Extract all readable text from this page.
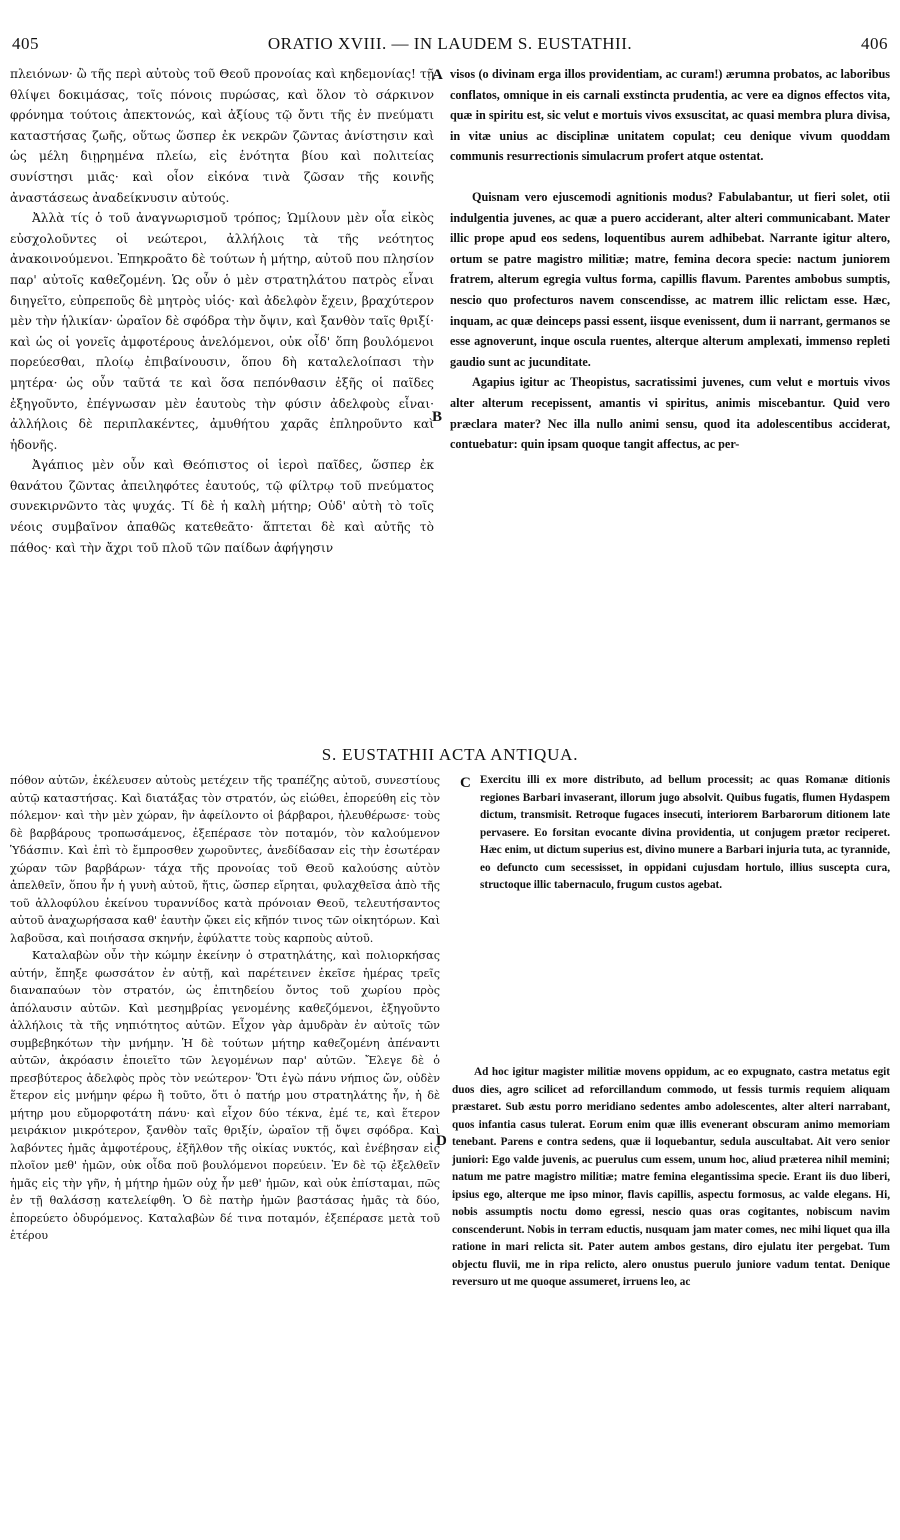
405	ORATIO XVIII. — IN LAUDEM S. EUSTATHII.	406

πλειόνων· ὢ τῆς περὶ αὐτοὺς τοῦ Θεοῦ προνοίας καὶ κηδεμονίας! τῇ θλίψει δοκιμάσας, τοῖς πόνοις πυρώσας, καὶ ὅλον τὸ σάρκινον φρόνημα τούτοις ἀπεκτονώς, καὶ ἀξίους τῷ ὄντι τῆς ἐν πνεύματι καταστήσας ζωῆς, οὕτως ὥσπερ ἐκ νεκρῶν ζῶντας ἀνίστησιν καὶ ὡς μέλη διῃρημένα πλείω, εἰς ἑνότητα βίου καὶ πολιτείας συνίστησι μιᾶς· καὶ οἷον εἰκόνα τινὰ ζῶσαν τῆς κοινῆς ἀναστάσεως ἀναδείκνυσιν αὐτούς.

Ἀλλὰ τίς ὁ τοῦ ἀναγνωρισμοῦ τρόπος; Ὡμίλουν μὲν οἷα εἰκὸς εὐσχολοῦντες οἱ νεώτεροι, ἀλλήλοις τὰ τῆς νεότητος ἀνακοινούμενοι. Ἐπηκροᾶτο δὲ τούτων ἡ μήτηρ, αὐτοῦ που πλησίον παρ' αὐτοῖς καθεζομένη. Ὡς οὖν ὁ μὲν στρατηλάτου πατρὸς εἶναι διηγεῖτο, εὐπρεποῦς δὲ μητρὸς υἱός· καὶ ἀδελφὸν ἔχειν, βραχύτερον μὲν τὴν ἡλικίαν· ὡραῖον δὲ σφόδρα τὴν ὄψιν, καὶ ξανθὸν ταῖς θριξί· καὶ ὡς οἱ γονεῖς ἀμφοτέρους ἀνελόμενοι, οὐκ οἶδ' ὅπη βουλόμενοι πορεύεσθαι, πλοίῳ ἐπιβαίνουσιν, ὅπου δὴ καταλελοίπασι τὴν μητέρα· ὡς οὖν ταῦτά τε καὶ ὅσα πεπόνθασιν ἐξῆς οἱ παῖδες ἐξηγοῦντο, ἐπέγνωσαν μὲν ἑαυτοὺς τὴν φύσιν ἀδελφοὺς εἶναι· ἀλλήλοις δὲ περιπλακέντες, ἀμυθήτου χαρᾶς ἐπληροῦντο καὶ ἡδονῆς.

Ἀγάπιος μὲν οὖν καὶ Θεόπιστος οἱ ἱεροὶ παῖδες, ὥσπερ ἐκ θανάτου ζῶντας ἀπειληφότες ἑαυτούς, τῷ φίλτρῳ τοῦ πνεύματος συνεκιρνῶντο τὰς ψυχάς. Τί δὲ ἡ καλὴ μήτηρ; Οὐδ' αὐτὴ τὸ τοῖς νέοις συμβαῖνον ἀπαθῶς κατεθεᾶτο· ἅπτεται δὲ καὶ αὐτῆς τὸ πάθος· καὶ τὴν ἄχρι τοῦ πλοῦ τῶν παίδων ἀφήγησιν

A
B

visos (o divinam erga illos providentiam, ac curam!) ærumna probatos, ac laboribus conflatos, omnique in eis carnali exstincta prudentia, ac vere ea dignos effectos vita, quæ in spiritu est, sic velut e mortuis vivos exsuscitat, ac quasi membra plura divisa, in vitæ unius ac disciplinæ unitatem copulat; ceu denique vivum quoddam communis resurrectionis simulacrum profert atque ostentat.

Quisnam vero ejuscemodi agnitionis modus? Fabulabantur, ut fieri solet, otii indulgentia juvenes, ac quæ a puero acciderant, alter alteri communicabant. Mater illic prope apud eos sedens, loquentibus aurem adhibebat. Narrante igitur altero, ortum se patre magistro militiæ; matre, femina decora specie: nactum juniorem fratrem, alterum egregia vultus forma, capillis flavum. Parentes ambobus sumptis, nescio quo profecturos navem conscendisse, ac matrem illic relictam esse. Hæc, inquam, ac quæ deinceps passi essent, iisque evenissent, dum ii narrant, germanos se esse agnoverunt, inque oscula ruentes, alterque alterum amplexati, immenso repleti gaudio sunt ac jucunditate.

Agapius igitur ac Theopistus, sacratissimi juvenes, cum velut e mortuis vivos alter alterum recepissent, amantis vi spiritus, animis miscebantur. Quid vero præclara mater? Nec illa nullo animi sensu, quod ita adolescentibus acciderat, contuebatur: quin ipsam quoque tangit affectus, ac per-

S. EUSTATHII ACTA ANTIQUA.

πόθον αὐτῶν, ἐκέλευσεν αὐτοὺς μετέχειν τῆς τραπέζης αὐτοῦ, συνεστίους αὐτῷ καταστήσας. Καὶ διατάξας τὸν στρατόν, ὡς εἰώθει, ἐπορεύθη εἰς τὸν πόλεμον· καὶ τὴν μὲν χώραν, ἣν ἀφείλοντο οἱ βάρβαροι, ἠλευθέρωσε· τοὺς δὲ βαρβάρους τροπωσάμενος, ἐξεπέρασε τὸν ποταμόν, τὸν καλούμενον Ὑδάσπιν. Καὶ ἐπὶ τὸ ἔμπροσθεν χωροῦντες, ἀνεδίδασαν εἰς τὴν ἐσωτέραν χώραν τῶν βαρβάρων· τάχα τῆς προνοίας τοῦ Θεοῦ καλούσης αὐτὸν ἀπελθεῖν, ὅπου ἦν ἡ γυνὴ αὐτοῦ, ἥτις, ὥσπερ εἴρηται, φυλαχθεῖσα ἀπὸ τῆς τοῦ ἀλλοφύλου ἐκείνου τυραννίδος κατὰ πρόνοιαν Θεοῦ, τελευτήσαντος αὐτοῦ ἀναχωρήσασα καθ' ἑαυτὴν ᾤκει εἰς κῆπόν τινος τῶν οἰκητόρων. Καὶ λαβοῦσα, καὶ ποιήσασα σκηνήν, ἐφύλαττε τοὺς καρποὺς αὐτοῦ.

Καταλαβὼν οὖν τὴν κώμην ἐκείνην ὁ στρατηλάτης, καὶ πολιορκήσας αὐτήν, ἔπηξε φωσσάτον ἐν αὐτῇ, καὶ παρέτεινεν ἐκεῖσε ἡμέρας τρεῖς διαναπαύων τὸν στρατόν, ὡς ἐπιτηδείου ὄντος τοῦ χωρίου πρὸς ἀπόλαυσιν αὐτῶν. Καὶ μεσημβρίας γενομένης καθεζόμενοι, ἐξηγοῦντο ἀλλήλοις τὰ τῆς νηπιότητος αὐτῶν. Εἶχον γὰρ ἀμυδρὰν ἐν αὐτοῖς τῶν συμβεβηκότων τὴν μνήμην. Ἡ δὲ τούτων μήτηρ καθεζομένη ἀπέναντι αὐτῶν, ἀκρόασιν ἐποιεῖτο τῶν λεγομένων παρ' αὐτῶν. Ἔλεγε δὲ ὁ πρεσβύτερος ἀδελφὸς πρὸς τὸν νεώτερον· Ὅτι ἐγὼ πάνυ νήπιος ὤν, οὐδὲν ἕτερον εἰς μνήμην φέρω ἢ τοῦτο, ὅτι ὁ πατήρ μου στρατηλάτης ἦν, ἡ δὲ μήτηρ μου εὔμορφοτάτη πάνυ· καὶ εἶχον δύο τέκνα, ἐμέ τε, καὶ ἕτερον μειράκιον μικρότερον, ξανθὸν ταῖς θριξίν, ὡραῖον τῇ ὄψει σφόδρα. Καὶ λαβόντες ἡμᾶς ἀμφοτέρους, ἐξῆλθον τῆς οἰκίας νυκτός, καὶ ἐνέβησαν εἰς πλοῖον μεθ' ἡμῶν, οὐκ οἶδα ποῦ βουλόμενοι πορεύειν. Ἐν δὲ τῷ ἐξελθεῖν ἡμᾶς εἰς τὴν γῆν, ἡ μήτηρ ἡμῶν οὐχ ἦν μεθ' ἡμῶν, καὶ οὐκ ἐπίσταμαι, πῶς ἐν τῇ θαλάσσῃ κατελείφθη. Ὁ δὲ πατὴρ ἡμῶν βαστάσας ἡμᾶς τὰ δύο, ἐπορεύετο ὀδυρόμενος. Καταλαβὼν δέ τινα ποταμόν, ἐξεπέρασε μετὰ τοῦ ἑτέρου

C
D

Exercitu illi ex more distributo, ad bellum processit; ac quas Romanæ ditionis regiones Barbari invaserant, illorum jugo absolvit. Quibus fugatis, flumen Hydaspem dictum, transmisit. Retroque fugaces insecuti, interiorem Barbarorum ditionem late pervasere. Eo forsitan evocante divina providentia, ut conjugem prætor reciperet. Hæc enim, ut dictum superius est, divino munere a Barbari injuria tuta, ac tyrannide, eo defuncto cum secessisset, in oppidani cujusdam hortulo, illius suscepta cura, structoque illic tabernaculo, frugum custos agebat.

Ad hoc igitur magister militiæ movens oppidum, ac eo expugnato, castra metatus egit duos dies, agro scilicet ad reforcillandum commodo, ut fessis turmis requiem aliquam præstaret. Sub æstu porro meridiano sedentes ambo adolescentes, alter alteri narrabant, quos infantia casus tulerat. Eorum enim quæ illis evenerant obscuram animo memoriam tenebant. Parens e contra sedens, quæ ii loquebantur, sedula auscultabat. Ait vero senior juniori: Ego valde juvenis, ac puerulus cum essem, unum hoc, aliud præterea nihil memini; natum me patre magistro militiæ; matre femina elegantissima specie. Erant iis duo liberi, ipsius ego, alterque me ipso minor, flavis capillis, aspectu formosus, ac valde elegans. Hi, nobis assumptis noctu domo egressi, nescio quas oras cogitantes, nobiscum navim conscenderunt. Nobis in terram eductis, nusquam jam mater comes, nec mihi liquet qua illa ratione in mari relicta sit. Pater autem ambos gestans, diro ejulatu iter pergebat. Tum objectu fluvii, me in ripa relicto, alero onustus puerulo juniore vadum tentat. Denique reversuro ut me quoque assumeret, irruens leo, ac
